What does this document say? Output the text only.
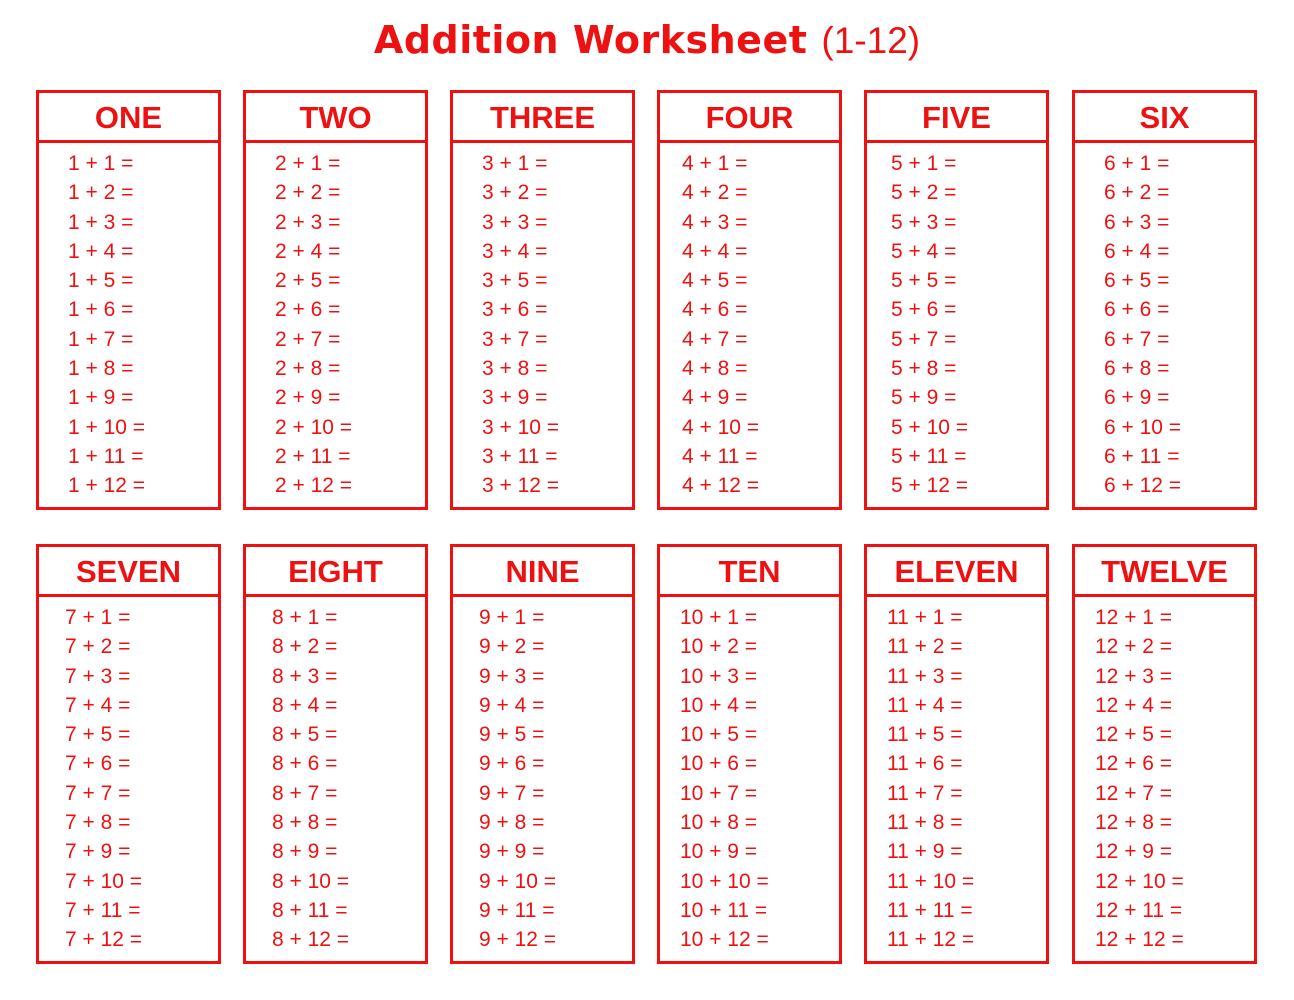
Addition Worksheet (1-12)
ONE
1 + 1 =
1 + 2 =
1 + 3 =
1 + 4 =
1 + 5 =
1 + 6 =
1 + 7 =
1 + 8 =
1 + 9 =
1 + 10 =
1 + 11 =
1 + 12 =
TWO
2 + 1 =
2 + 2 =
2 + 3 =
2 + 4 =
2 + 5 =
2 + 6 =
2 + 7 =
2 + 8 =
2 + 9 =
2 + 10 =
2 + 11 =
2 + 12 =
THREE
3 + 1 =
3 + 2 =
3 + 3 =
3 + 4 =
3 + 5 =
3 + 6 =
3 + 7 =
3 + 8 =
3 + 9 =
3 + 10 =
3 + 11 =
3 + 12 =
FOUR
4 + 1 =
4 + 2 =
4 + 3 =
4 + 4 =
4 + 5 =
4 + 6 =
4 + 7 =
4 + 8 =
4 + 9 =
4 + 10 =
4 + 11 =
4 + 12 =
FIVE
5 + 1 =
5 + 2 =
5 + 3 =
5 + 4 =
5 + 5 =
5 + 6 =
5 + 7 =
5 + 8 =
5 + 9 =
5 + 10 =
5 + 11 =
5 + 12 =
SIX
6 + 1 =
6 + 2 =
6 + 3 =
6 + 4 =
6 + 5 =
6 + 6 =
6 + 7 =
6 + 8 =
6 + 9 =
6 + 10 =
6 + 11 =
6 + 12 =
SEVEN
7 + 1 =
7 + 2 =
7 + 3 =
7 + 4 =
7 + 5 =
7 + 6 =
7 + 7 =
7 + 8 =
7 + 9 =
7 + 10 =
7 + 11 =
7 + 12 =
EIGHT
8 + 1 =
8 + 2 =
8 + 3 =
8 + 4 =
8 + 5 =
8 + 6 =
8 + 7 =
8 + 8 =
8 + 9 =
8 + 10 =
8 + 11 =
8 + 12 =
NINE
9 + 1 =
9 + 2 =
9 + 3 =
9 + 4 =
9 + 5 =
9 + 6 =
9 + 7 =
9 + 8 =
9 + 9 =
9 + 10 =
9 + 11 =
9 + 12 =
TEN
10 + 1 =
10 + 2 =
10 + 3 =
10 + 4 =
10 + 5 =
10 + 6 =
10 + 7 =
10 + 8 =
10 + 9 =
10 + 10 =
10 + 11 =
10 + 12 =
ELEVEN
11 + 1 =
11 + 2 =
11 + 3 =
11 + 4 =
11 + 5 =
11 + 6 =
11 + 7 =
11 + 8 =
11 + 9 =
11 + 10 =
11 + 11 =
11 + 12 =
TWELVE
12 + 1 =
12 + 2 =
12 + 3 =
12 + 4 =
12 + 5 =
12 + 6 =
12 + 7 =
12 + 8 =
12 + 9 =
12 + 10 =
12 + 11 =
12 + 12 =
